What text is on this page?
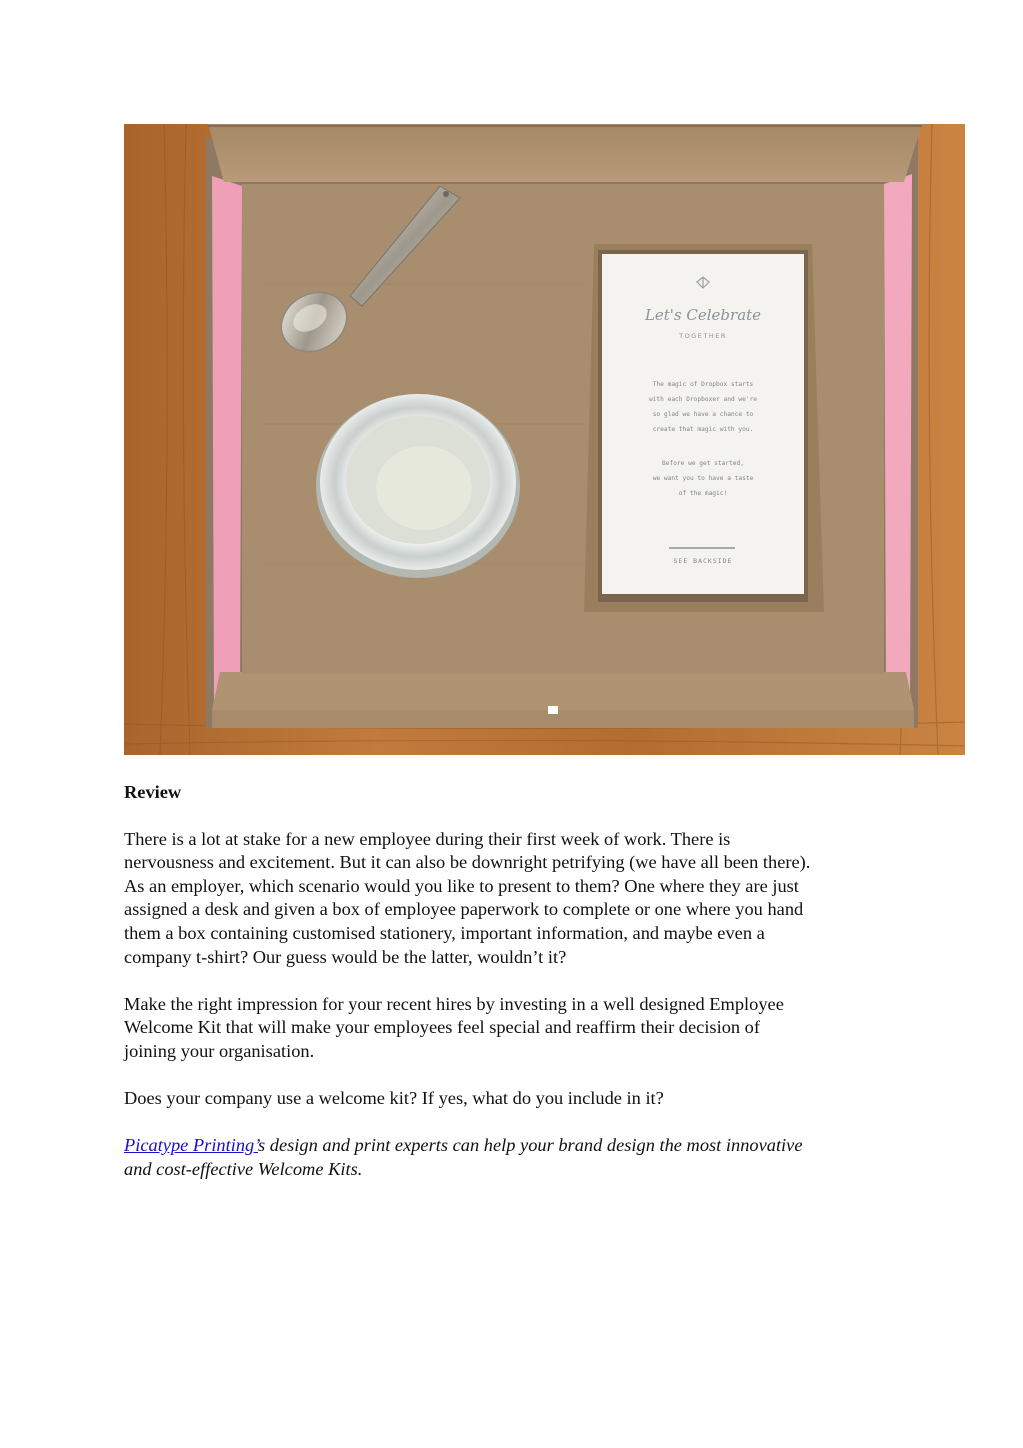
Let's Celebrate
TOGETHER
The magic of Dropbox starts
with each Dropboxer and we're
so glad we have a chance to
create that magic with you.
Before we get started,
we want you to have a taste
of the magic!
SEE BACKSIDE
Review

There is a lot at stake for a new employee during their first week of work. There is
nervousness and excitement. But it can also be downright petrifying (we have all been there).
As an employer, which scenario would you like to present to them? One where they are just
assigned a desk and given a box of employee paperwork to complete or one where you hand
them a box containing customised stationery, important information, and maybe even a
company t-shirt? Our guess would be the latter, wouldn’t it?

Make the right impression for your recent hires by investing in a well designed Employee
Welcome Kit that will make your employees feel special and reaffirm their decision of
joining your organisation.

Does your company use a welcome kit? If yes, what do you include in it?

Picatype Printing’s design and print experts can help your brand design the most innovative
and cost-effective Welcome Kits.
